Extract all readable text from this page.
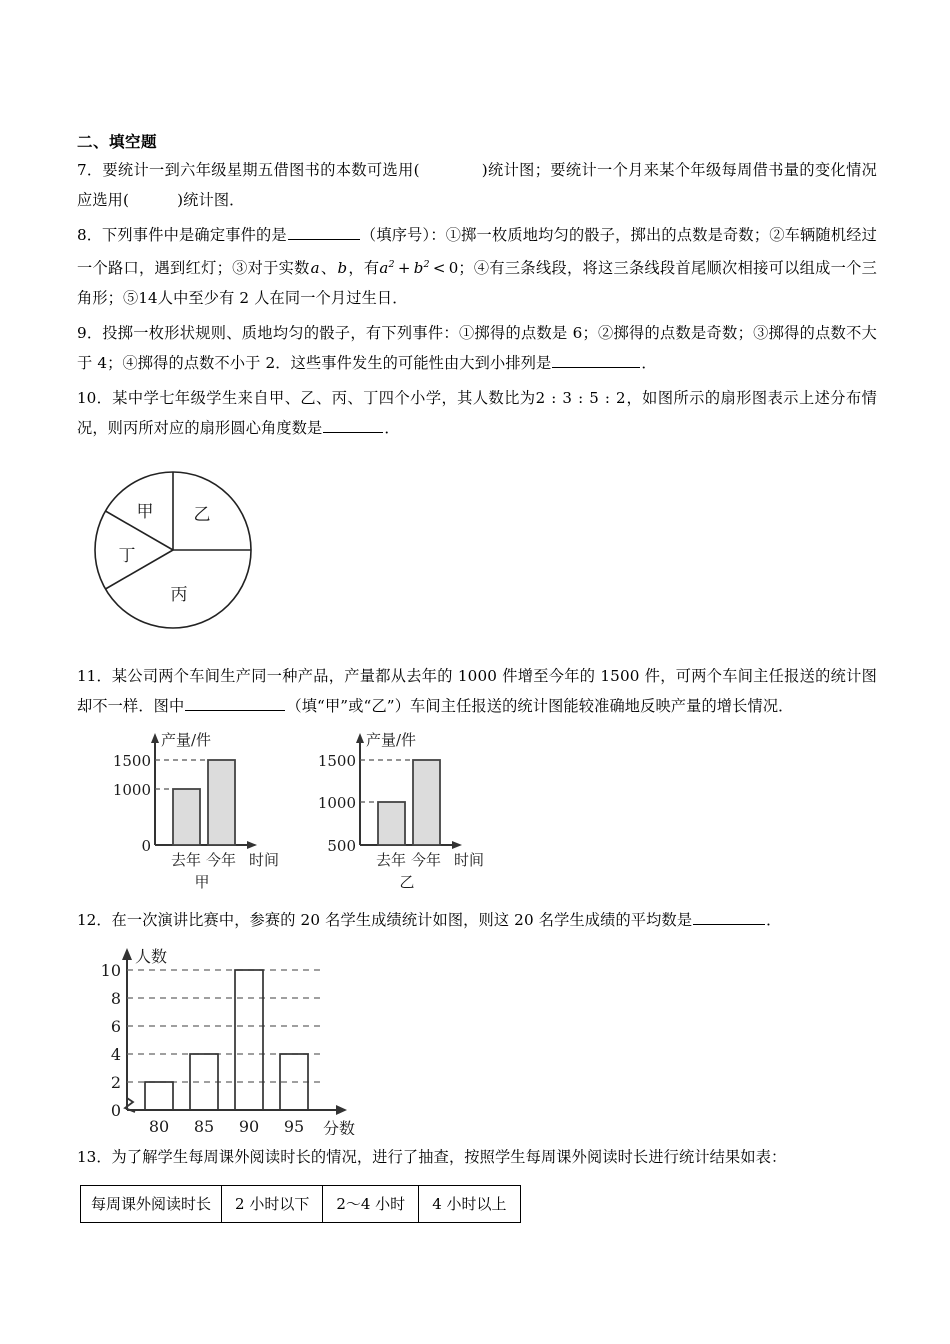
二、填空题

7．要统计一到六年级星期五借图书的本数可选用(	)统计图；要统计一个月来某个年级每周借书量的变化情况应选用(	)统计图．

8．下列事件中是确定事件的是	（填序号）：①掷一枚质地均匀的骰子，掷出的点数是奇数；②车辆随机经过一个路口，遇到红灯；③对于实数a、b，有$a^2 + b^2 < 0$；④有三条线段，将这三条线段首尾顺次相接可以组成一个三角形；⑤14人中至少有 2 人在同一个月过生日．

9．投掷一枚形状规则、质地均匀的骰子，有下列事件：①掷得的点数是 6；②掷得的点数是奇数；③掷得的点数不大于 4；④掷得的点数不小于 2．这些事件发生的可能性由大到小排列是	．

10．某中学七年级学生来自甲、乙、丙、丁四个小学，其人数比为2 : 3 : 5 : 2，如图所示的扇形图表示上述分布情况，则丙所对应的扇形圆心角度数是	．

甲 乙
丙
丁

11．某公司两个车间生产同一种产品，产量都从去年的 1000 件增至今年的 1500 件，可两个车间主任报送的统计图却不一样．图中	（填“甲”或“乙”）车间主任报送的统计图能较准确地反映产量的增长情况．

产量/件
1500
1000
0
去年 今年 时间
甲
产量/件
1500
1000
500
去年 今年 时间
乙

12．在一次演讲比赛中，参赛的 20 名学生成绩统计如图，则这 20 名学生成绩的平均数是	．

人数
0
2
4
6
8
10
80 85 90 95 分数

13．为了解学生每周课外阅读时长的情况，进行了抽查，按照学生每周课外阅读时长进行统计结果如表：

每周课外阅读时长	2 小时以下	2～4 小时	4 小时以上
